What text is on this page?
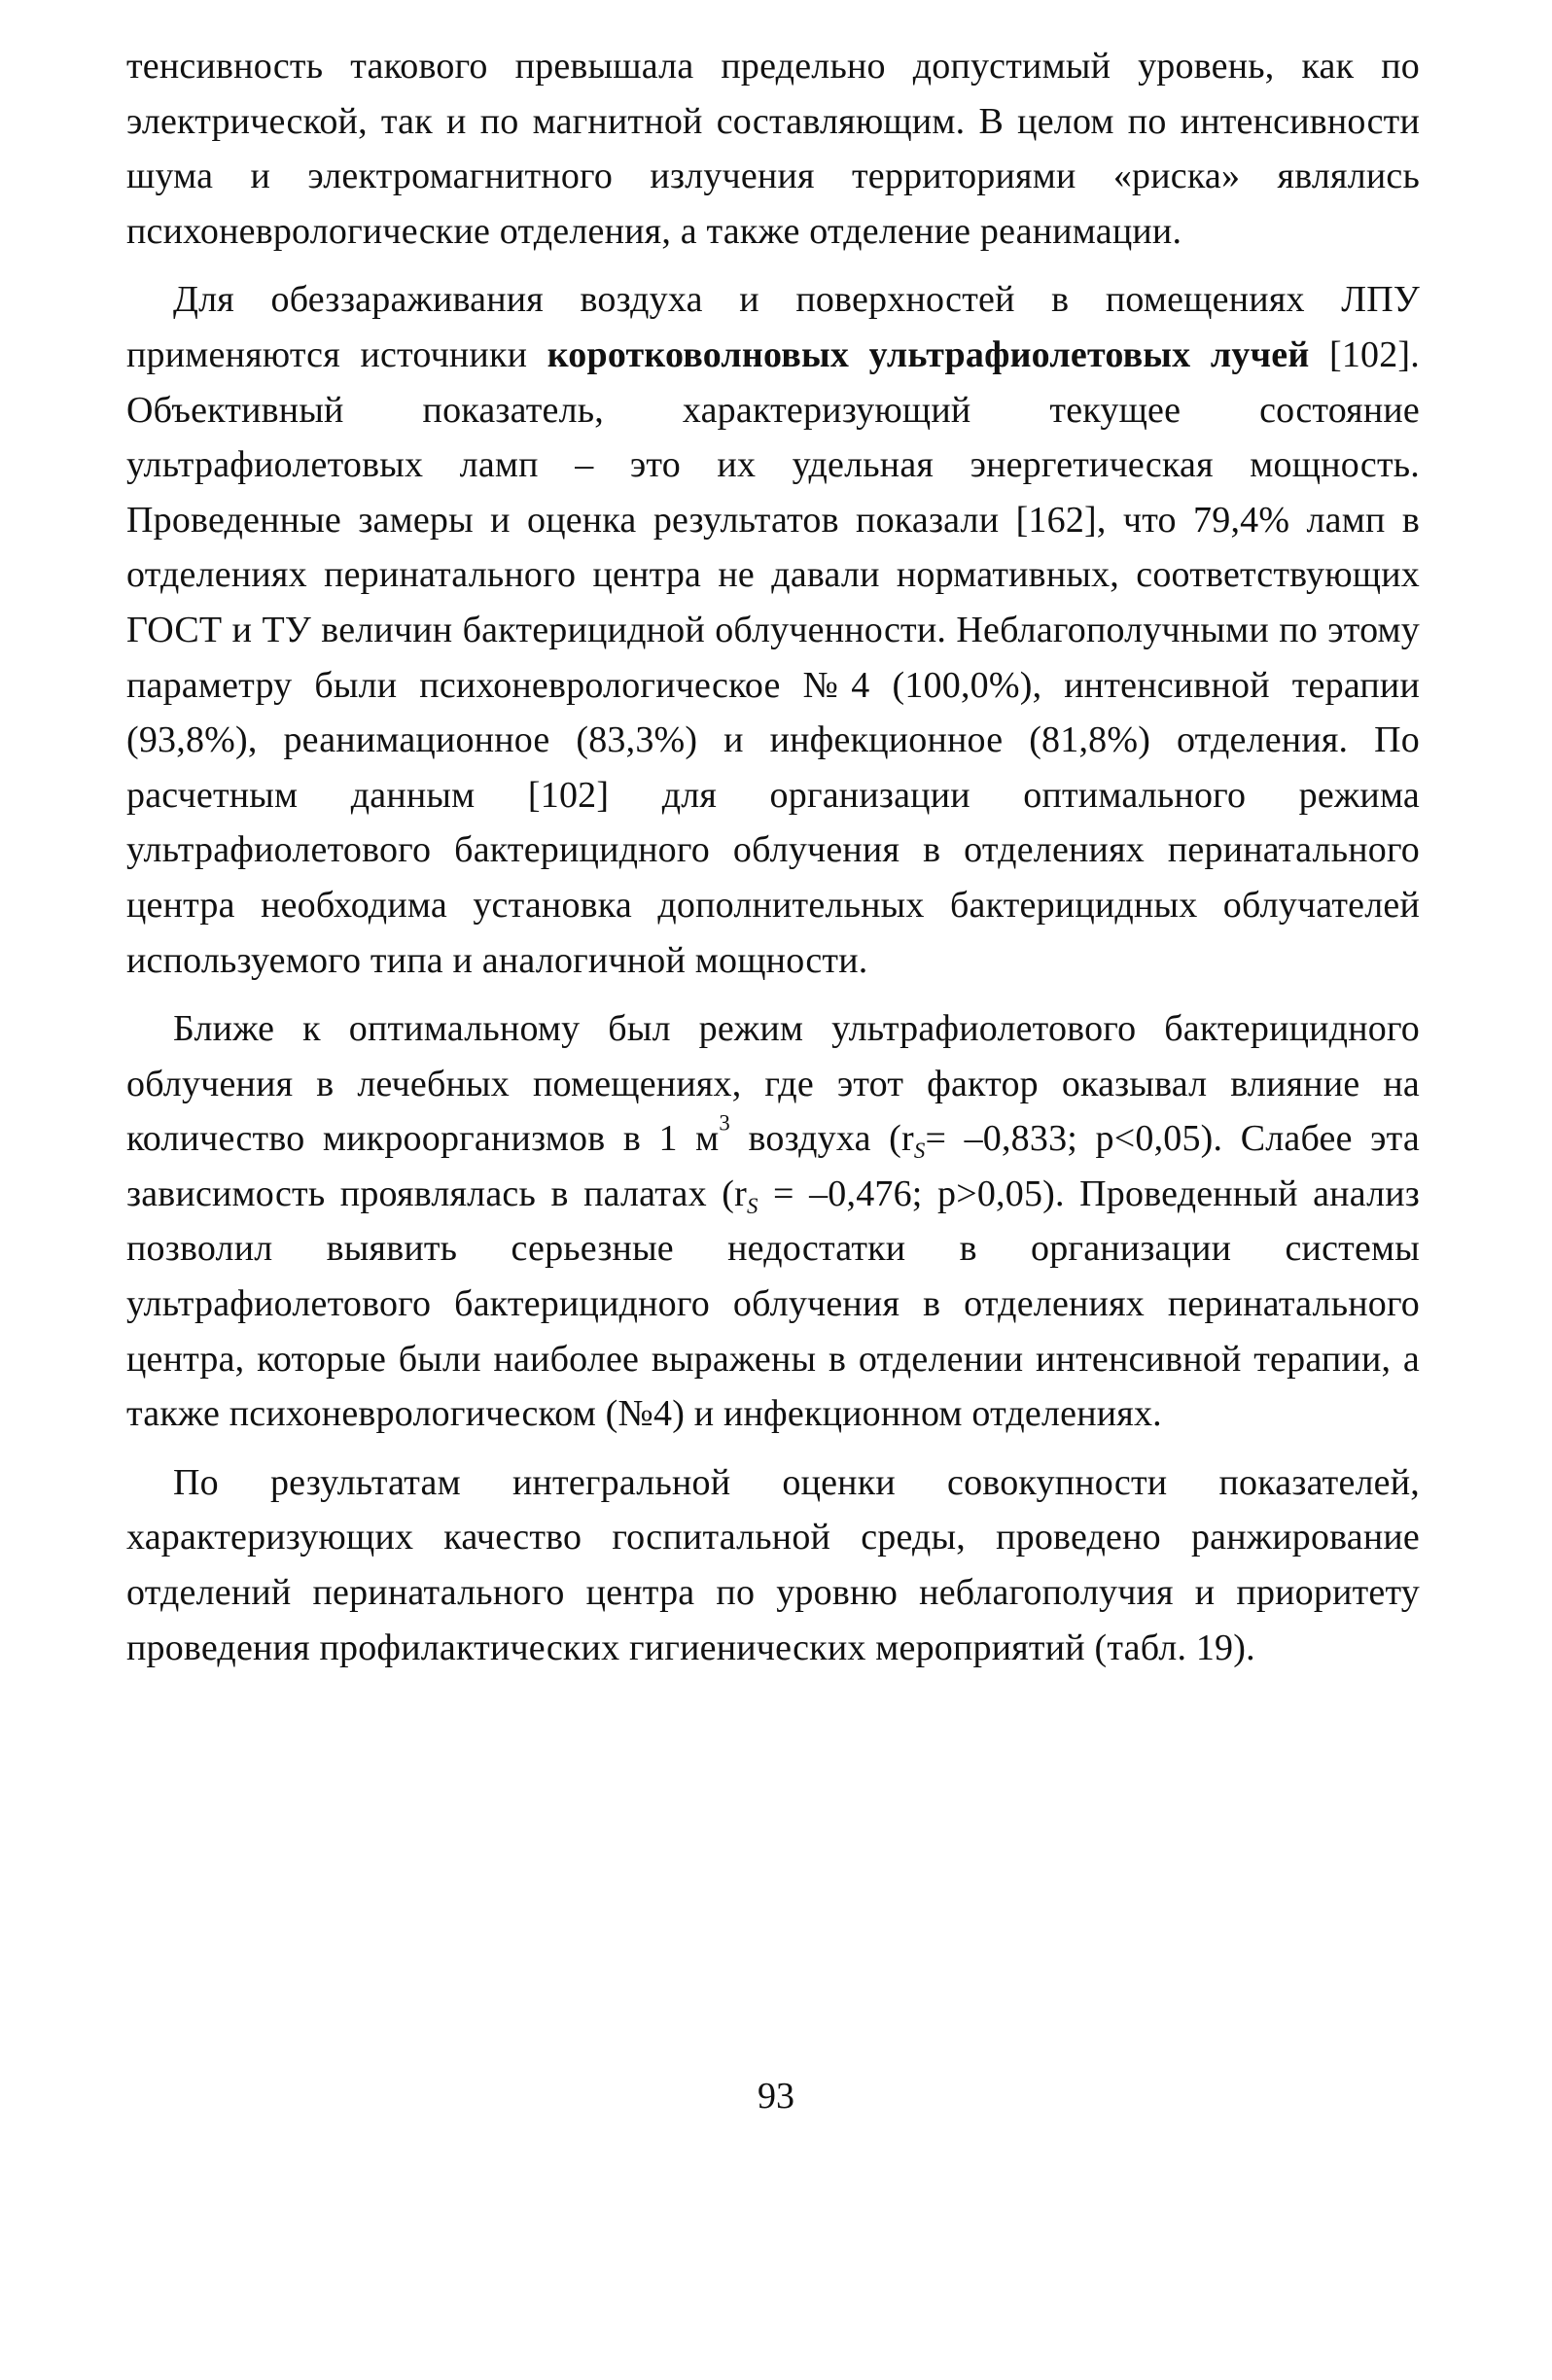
тенсивность такового превышала предельно допустимый уровень, как по электрической, так и по магнитной составляющим. В целом по интенсивности шума и электромагнитного излучения территориями «риска» являлись психоневрологические отделения, а также отделение реанимации.

Для обеззараживания воздуха и поверхностей в помещениях ЛПУ применяются источники коротковолновых ультрафиолетовых лучей [102]. Объективный показатель, характеризующий текущее состояние ультрафиолетовых ламп – это их удельная энергетическая мощность. Проведенные замеры и оценка результатов показали [162], что 79,4% ламп в отделениях перинатального центра не давали нормативных, соответствующих ГОСТ и ТУ величин бактерицидной облученности. Неблагополучными по этому параметру были психоневрологическое №4 (100,0%), интенсивной терапии (93,8%), реанимационное (83,3%) и инфекционное (81,8%) отделения. По расчетным данным [102] для организации оптимального режима ультрафиолетового бактерицидного облучения в отделениях перинатального центра необходима установка дополнительных бактерицидных облучателей используемого типа и аналогичной мощности.

Ближе к оптимальному был режим ультрафиолетового бактерицидного облучения в лечебных помещениях, где этот фактор оказывал влияние на количество микроорганизмов в 1 $м^3$ воздуха ($r_S= -0,833$; p<0,05). Слабее эта зависимость проявлялась в палатах ($r_S = -0,476$; p>0,05). Проведенный анализ позволил выявить серьезные недостатки в организации системы ультрафиолетового бактерицидного облучения в отделениях перинатального центра, которые были наиболее выражены в отделении интенсивной терапии, а также психоневрологическом (№4) и инфекционном отделениях.

По результатам интегральной оценки совокупности показателей, характеризующих качество госпитальной среды, проведено ранжирование отделений перинатального центра по уровню неблагополучия и приоритету проведения профилактических гигиенических мероприятий (табл. 19).

93
